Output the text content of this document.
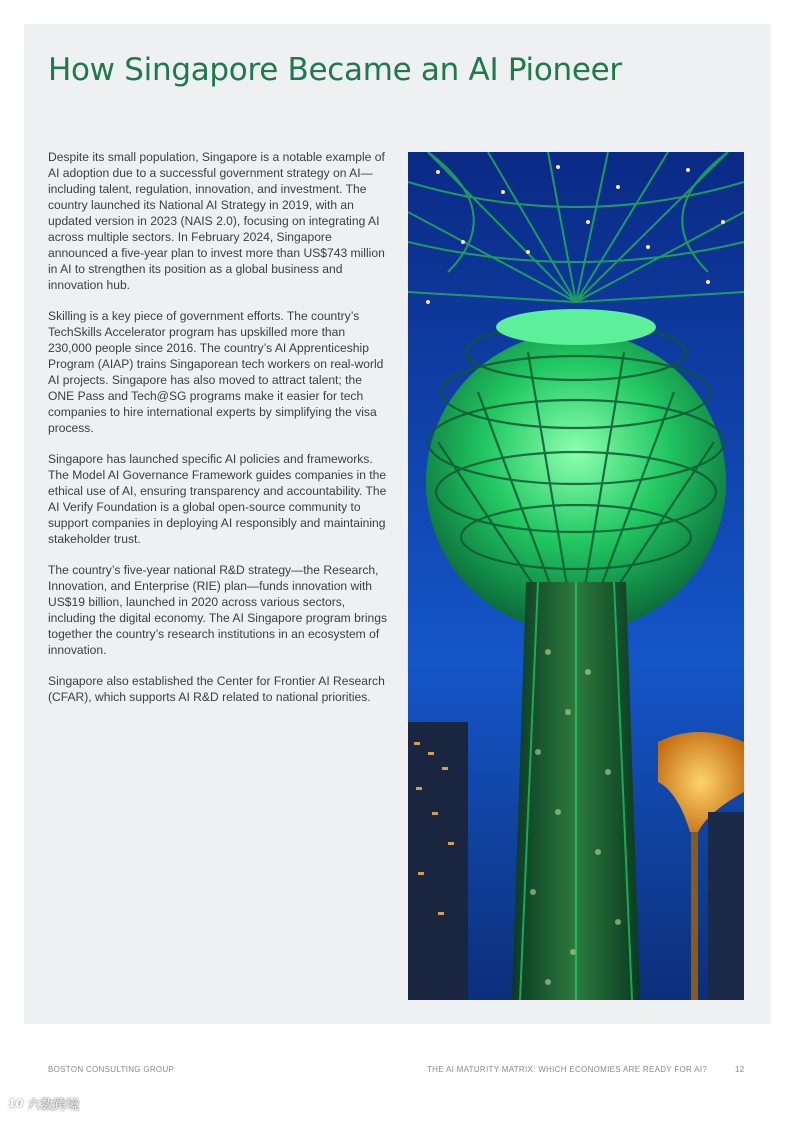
How Singapore Became an AI Pioneer

Despite its small population, Singapore is a notable example of AI adoption due to a successful government strategy on AI—including talent, regulation, innovation, and investment. The country launched its National AI Strategy in 2019, with an updated version in 2023 (NAIS 2.0), focusing on integrating AI across multiple sectors. In February 2024, Singapore announced a five-year plan to invest more than US$743 million in AI to strengthen its position as a global business and innovation hub.

Skilling is a key piece of government efforts. The country’s TechSkills Accelerator program has upskilled more than 230,000 people since 2016. The country’s AI Apprenticeship Program (AIAP) trains Singaporean tech workers on real-world AI projects. Singapore has also moved to attract talent; the ONE Pass and Tech@SG programs make it easier for tech companies to hire international experts by simplifying the visa process.

Singapore has launched specific AI policies and frameworks. The Model AI Governance Framework guides companies in the ethical use of AI, ensuring transparency and accountability. The AI Verify Foundation is a global open-source community to support companies in deploying AI responsibly and maintaining stakeholder trust.

The country’s five-year national R&D strategy—the Research, Innovation, and Enterprise (RIE) plan—funds innovation with US$19 billion, launched in 2020 across various sectors, including the digital economy. The AI Singapore program brings together the country’s research institutions in an ecosystem of innovation.

Singapore also established the Center for Frontier AI Research (CFAR), which supports AI R&D related to national priorities.

BOSTON CONSULTING GROUP	THE AI MATURITY MATRIX: WHICH ECONOMIES ARE READY FOR AI?	12
10 六数跨境
